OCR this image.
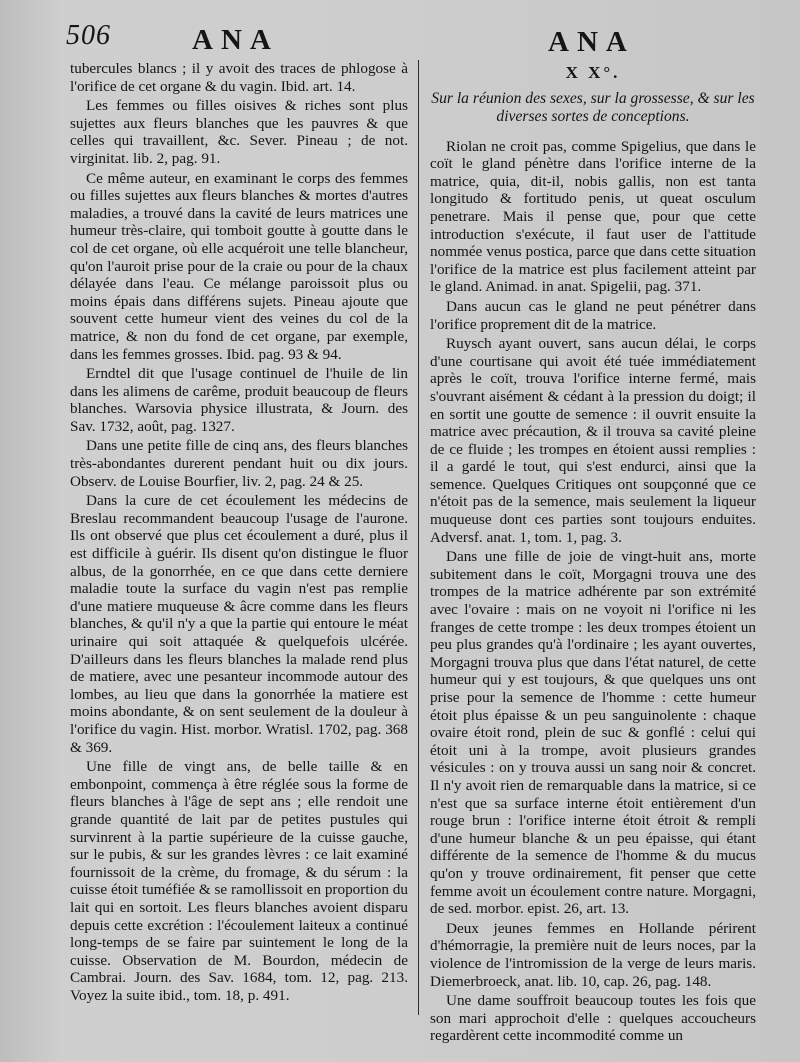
506	ANA	ANA

tubercules blancs ; il y avoit des traces de phlogose à l'orifice de cet organe & du vagin. Ibid. art. 14.

Les femmes ou filles oisives & riches sont plus sujettes aux fleurs blanches que les pauvres & que celles qui travaillent, &c. Sever. Pineau ; de not. virginitat. lib. 2, pag. 91.

Ce même auteur, en examinant le corps des femmes ou filles sujettes aux fleurs blanches & mortes d'autres maladies, a trouvé dans la cavité de leurs matrices une humeur très-claire, qui tomboit goutte à goutte dans le col de cet organe, où elle acquéroit une telle blancheur, qu'on l'auroit prise pour de la craie ou pour de la chaux délayée dans l'eau. Ce mélange paroissoit plus ou moins épais dans différens sujets. Pineau ajoute que souvent cette humeur vient des veines du col de la matrice, & non du fond de cet organe, par exemple, dans les femmes grosses. Ibid. pag. 93 & 94.

Erndtel dit que l'usage continuel de l'huile de lin dans les alimens de carême, produit beaucoup de fleurs blanches. Warsovia physice illustrata, & Journ. des Sav. 1732, août, pag. 1327.

Dans une petite fille de cinq ans, des fleurs blanches très-abondantes durerent pendant huit ou dix jours. Observ. de Louise Bourfier, liv. 2, pag. 24 & 25.

Dans la cure de cet écoulement les médecins de Breslau recommandent beaucoup l'usage de l'aurone. Ils ont observé que plus cet écoulement a duré, plus il est difficile à guérir. Ils disent qu'on distingue le fluor albus, de la gonorrhée, en ce que dans cette derniere maladie toute la surface du vagin n'est pas remplie d'une matiere muqueuse & âcre comme dans les fleurs blanches, & qu'il n'y a que la partie qui entoure le méat urinaire qui soit attaquée & quelquefois ulcérée. D'ailleurs dans les fleurs blanches la malade rend plus de matiere, avec une pesanteur incommode autour des lombes, au lieu que dans la gonorrhée la matiere est moins abondante, & on sent seulement de la douleur à l'orifice du vagin. Hist. morbor. Wratisl. 1702, pag. 368 & 369.

Une fille de vingt ans, de belle taille & en embonpoint, commença à être réglée sous la forme de fleurs blanches à l'âge de sept ans ; elle rendoit une grande quantité de lait par de petites pustules qui survinrent à la partie supérieure de la cuisse gauche, sur le pubis, & sur les grandes lèvres : ce lait examiné fournissoit de la crème, du fromage, & du sérum : la cuisse étoit tuméfiée & se ramollissoit en proportion du lait qui en sortoit. Les fleurs blanches avoient disparu depuis cette excrétion : l'écoulement laiteux a continué long-temps de se faire par suintement le long de la cuisse. Observation de M. Bourdon, médecin de Cambrai. Journ. des Sav. 1684, tom. 12, pag. 213. Voyez la suite ibid., tom. 18, p. 491.

X X°.
Sur la réunion des sexes, sur la grossesse, & sur les diverses sortes de conceptions.

Riolan ne croit pas, comme Spigelius, que dans le coït le gland pénètre dans l'orifice interne de la matrice, quia, dit-il, nobis gallis, non est tanta longitudo & fortitudo penis, ut queat osculum penetrare. Mais il pense que, pour que cette introduction s'exécute, il faut user de l'attitude nommée venus postica, parce que dans cette situation l'orifice de la matrice est plus facilement atteint par le gland. Animad. in anat. Spigelii, pag. 371.

Dans aucun cas le gland ne peut pénétrer dans l'orifice proprement dit de la matrice.

Ruysch ayant ouvert, sans aucun délai, le corps d'une courtisane qui avoit été tuée immédiatement après le coït, trouva l'orifice interne fermé, mais s'ouvrant aisément & cédant à la pression du doigt; il en sortit une goutte de semence : il ouvrit ensuite la matrice avec précaution, & il trouva sa cavité pleine de ce fluide ; les trompes en étoient aussi remplies : il a gardé le tout, qui s'est endurci, ainsi que la semence. Quelques Critiques ont soupçonné que ce n'étoit pas de la semence, mais seulement la liqueur muqueuse dont ces parties sont toujours enduites. Adversf. anat. 1, tom. 1, pag. 3.

Dans une fille de joie de vingt-huit ans, morte subitement dans le coït, Morgagni trouva une des trompes de la matrice adhérente par son extrémité avec l'ovaire : mais on ne voyoit ni l'orifice ni les franges de cette trompe : les deux trompes étoient un peu plus grandes qu'à l'ordinaire ; les ayant ouvertes, Morgagni trouva plus que dans l'état naturel, de cette humeur qui y est toujours, & que quelques uns ont prise pour la semence de l'homme : cette humeur étoit plus épaisse & un peu sanguinolente : chaque ovaire étoit rond, plein de suc & gonflé : celui qui étoit uni à la trompe, avoit plusieurs grandes vésicules : on y trouva aussi un sang noir & concret. Il n'y avoit rien de remarquable dans la matrice, si ce n'est que sa surface interne étoit entièrement d'un rouge brun : l'orifice interne étoit étroit & rempli d'une humeur blanche & un peu épaisse, qui étant différente de la semence de l'homme & du mucus qu'on y trouve ordinairement, fit penser que cette femme avoit un écoulement contre nature. Morgagni, de sed. morbor. epist. 26, art. 13.

Deux jeunes femmes en Hollande périrent d'hémorragie, la première nuit de leurs noces, par la violence de l'intromission de la verge de leurs maris. Diemerbroeck, anat. lib. 10, cap. 26, pag. 148.

Une dame souffroit beaucoup toutes les fois que son mari approchoit d'elle : quelques accoucheurs regardèrent cette incommodité comme un
